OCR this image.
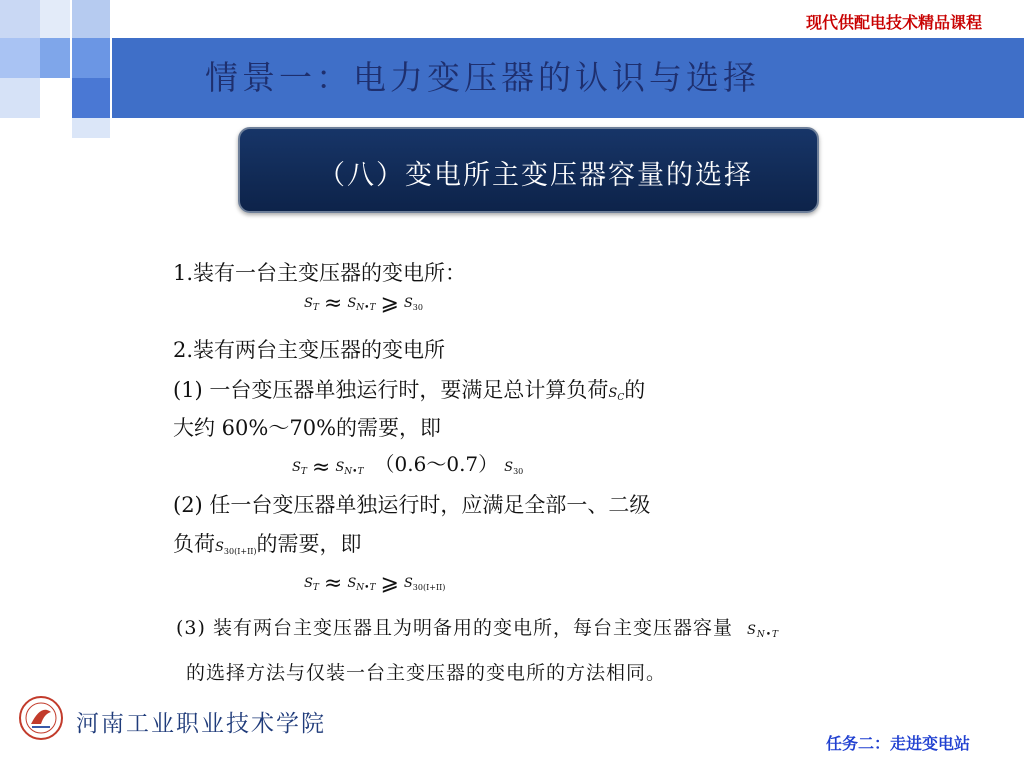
现代供配电技术精品课程
情景一：电力变压器的认识与选择
（八）变电所主变压器容量的选择
1.装有一台主变压器的变电所：
ST ≈ SN•T ⩾ S30
2.装有两台主变压器的变电所
(1) 一台变压器单独运行时，要满足总计算负荷SC的
大约 60%～70%的需要，即
ST ≈ SN•T （0.6～0.7） S30
(2) 任一台变压器单独运行时，应满足全部一、二级
负荷S30(I+II)的需要，即
ST ≈ SN•T ⩾ S30(I+II)
(3) 装有两台主变压器且为明备用的变电所，每台主变压器容量 SN•T
的选择方法与仅装一台主变压器的变电所的方法相同。
河南工业职业技术学院
任务二：走进变电站
